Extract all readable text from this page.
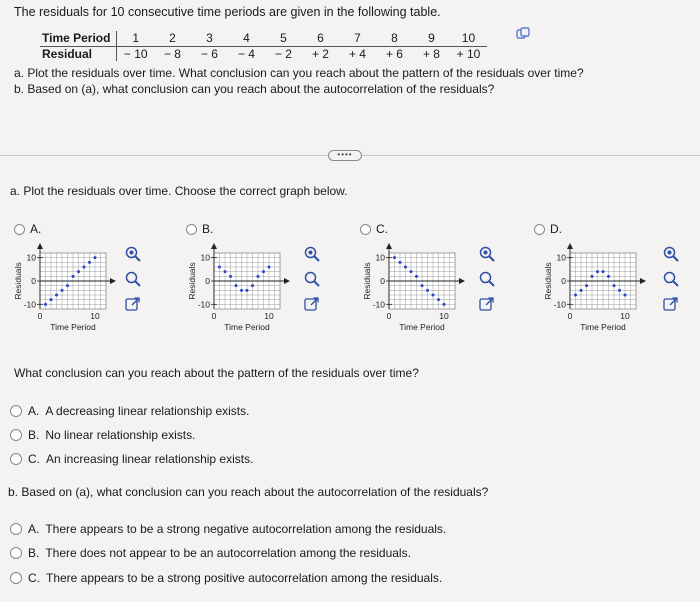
The residuals for 10 consecutive time periods are given in the following table.
Time Period	1	2	3	4	5	6	7	8	9	10
Residual	− 10	− 8	− 6	− 4	− 2	+ 2	+ 4	+ 6	+ 8	+ 10
a. Plot the residuals over time. What conclusion can you reach about the pattern of the residuals over time?
b. Based on (a), what conclusion can you reach about the autocorrelation of the residuals?
••••
a. Plot the residuals over time. Choose the correct graph below.
A.
10
0
-10
0	10
Time Period
Residuals
B.
10
0
-10
0	10
Time Period
Residuals
C.
10
0
-10
0	10
Time Period
Residuals
D.
10
0
-10
0	10
Time Period
Residuals
What conclusion can you reach about the pattern of the residuals over time?
A. A decreasing linear relationship exists.
B. No linear relationship exists.
C. An increasing linear relationship exists.
b. Based on (a), what conclusion can you reach about the autocorrelation of the residuals?
A. There appears to be a strong negative autocorrelation among the residuals.
B. There does not appear to be an autocorrelation among the residuals.
C. There appears to be a strong positive autocorrelation among the residuals.
